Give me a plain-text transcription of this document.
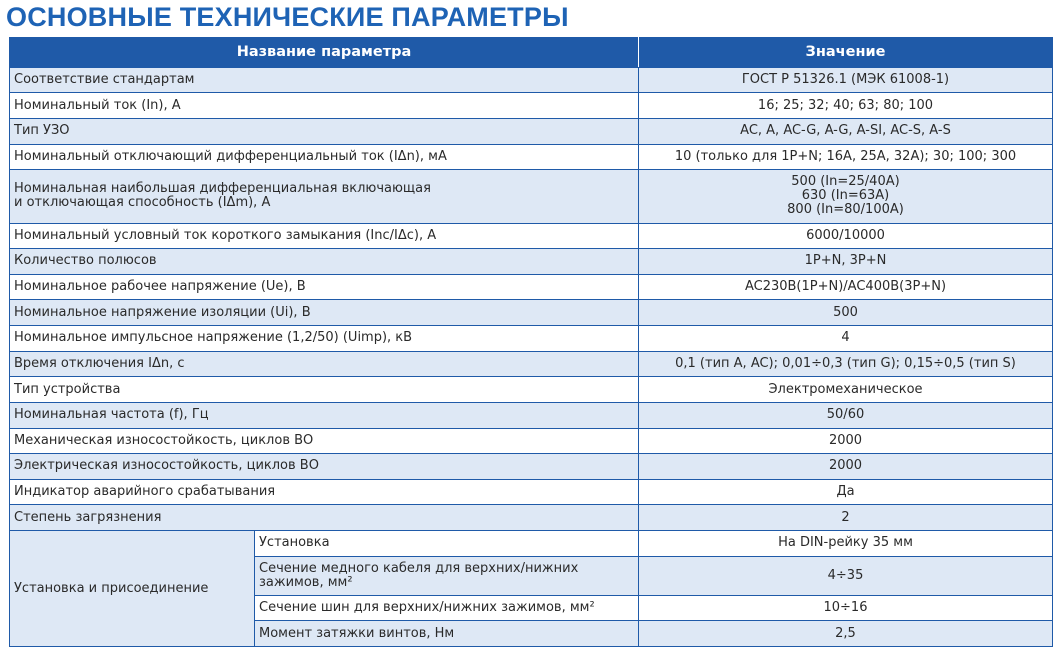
ОСНОВНЫЕ ТЕХНИЧЕСКИЕ ПАРАМЕТРЫ
Название параметра		Значение
Соответствие стандартам		ГОСТ Р 51326.1 (МЭК 61008-1)
Номинальный ток (In), А		16; 25; 32; 40; 63; 80; 100
Тип УЗО		AC, A, AC-G, A-G, A-SI, AC-S, A-S
Номинальный отключающий дифференциальный ток (IΔn), мА		10 (только для 1P+N; 16А, 25А, 32А); 30; 100; 300

Номинальная наибольшая дифференциальная включающая
и отключающая способность (IΔm), А		500 (In=25/40А)
630 (In=63А)
800 (In=80/100А)

Номинальный условный ток короткого замыкания (Inc/IΔc), А		6000/10000
Количество полюсов		1P+N, 3P+N
Номинальное рабочее напряжение (Ue), В		AC230В(1P+N)/AC400В(3P+N)
Номинальное напряжение изоляции (Ui), В		500
Номинальное импульсное напряжение (1,2/50) (Uimp), кВ		4
Время отключения IΔn, с		0,1 (тип A, AC); 0,01÷0,3 (тип G); 0,15÷0,5 (тип S)
Тип устройства		Электромеханическое
Номинальная частота (f), Гц		50/60
Механическая износостойкость, циклов ВО		2000
Электрическая износостойкость, циклов ВО		2000
Индикатор аварийного срабатывания		Да
Степень загрязнения		2
Установка и присоединение	Установка	На DIN-рейку 35 мм

	Сечение медного кабеля для верхних/нижних
зажимов, мм²	4÷35
	Сечение шин для верхних/нижних зажимов, мм²	10÷16
	Момент затяжки винтов, Нм	2,5
